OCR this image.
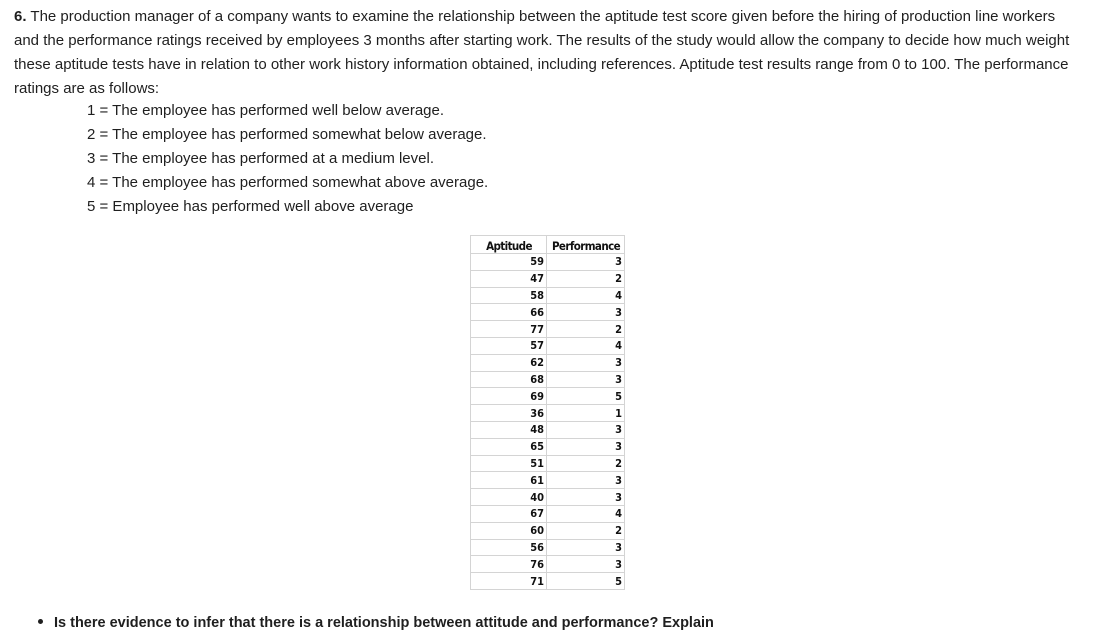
6. The production manager of a company wants to examine the relationship between the aptitude test score given before the hiring of production line workers and the performance ratings received by employees 3 months after starting work. The results of the study would allow the company to decide how much weight these aptitude tests have in relation to other work history information obtained, including references. Aptitude test results range from 0 to 100. The performance ratings are as follows:
1 = The employee has performed well below average.
2 = The employee has performed somewhat below average.
3 = The employee has performed at a medium level.
4 = The employee has performed somewhat above average.
5 = Employee has performed well above average
Aptitude	Performance
59	3
47	2
58	4
66	3
77	2
57	4
62	3
68	3
69	5
36	1
48	3
65	3
51	2
61	3
40	3
67	4
60	2
56	3
76	3
71	5
Is there evidence to infer that there is a relationship between attitude and performance? Explain
